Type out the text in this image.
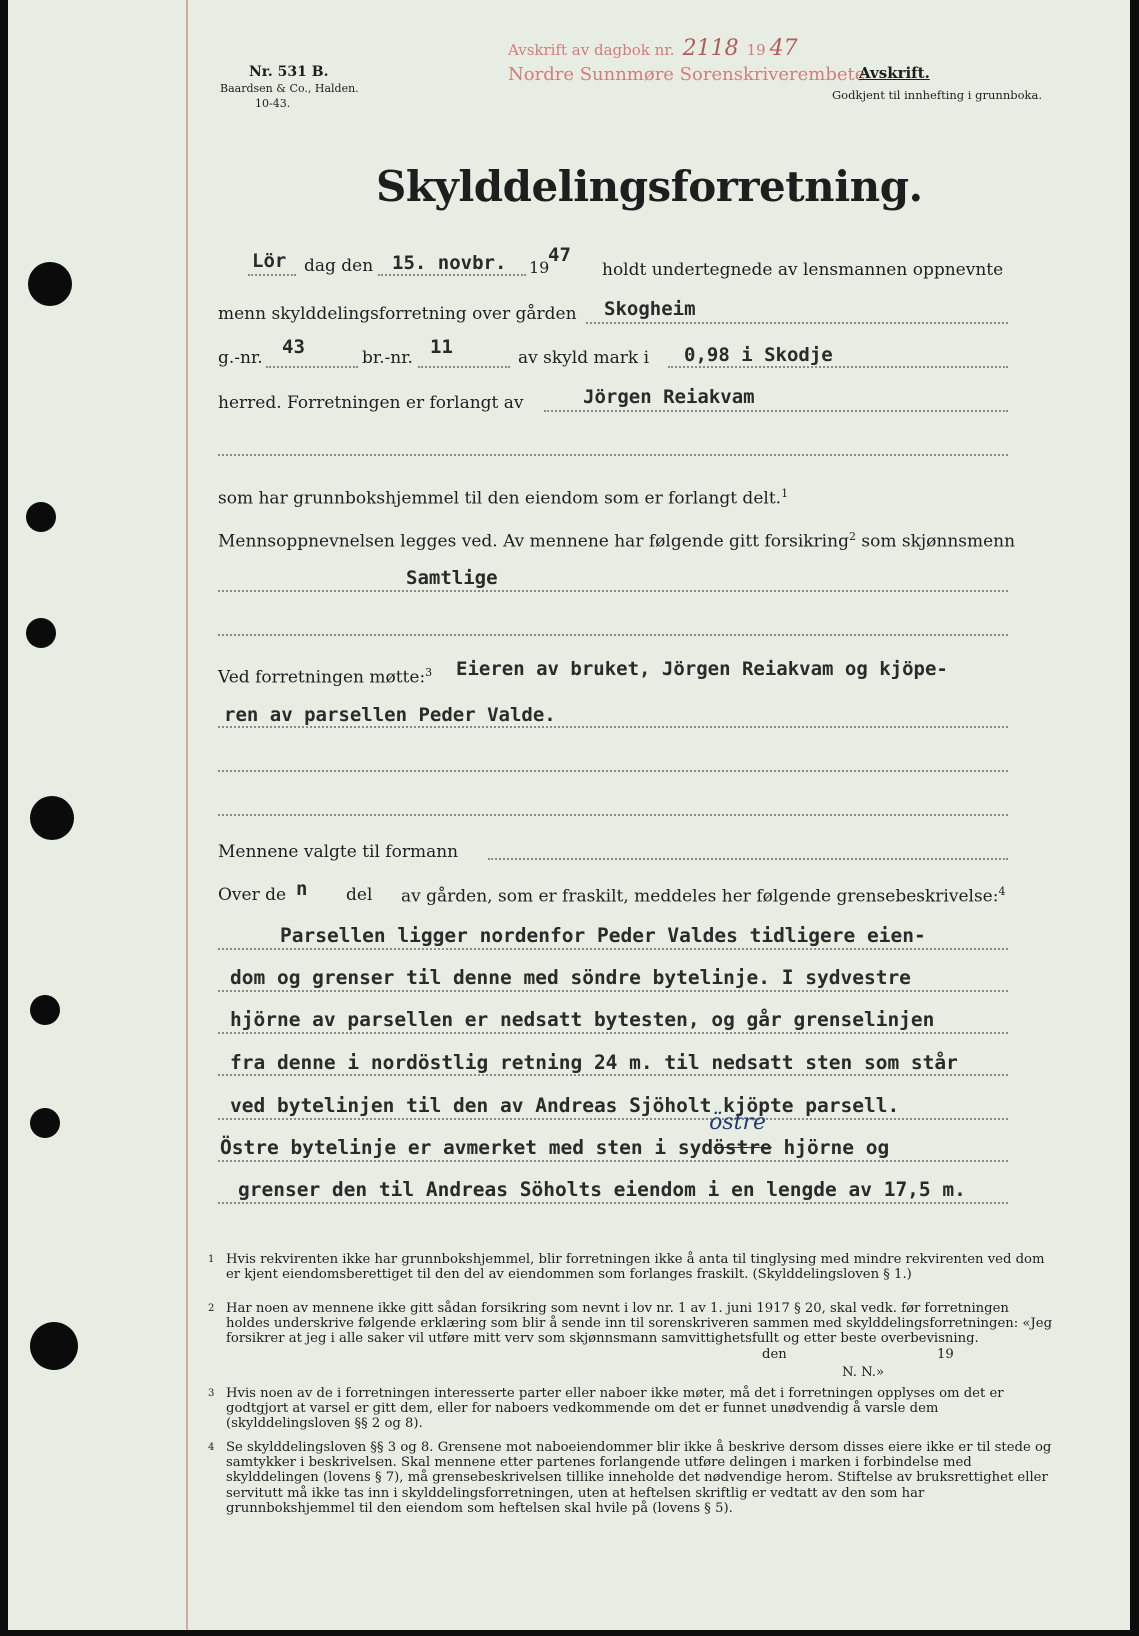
Nr. 531 B.
Baardsen & Co., Halden.
10-43.
Avskrift av dagbok nr. 2118 19 47
Nordre Sunnmøre Sorenskriverembete
Avskrift.
Godkjent til innhefting i grunnboka.
Skylddelingsforretning.
Lör dag den 15. novbr. 19
47
holdt undertegnede av lensmannen oppnevnte
menn skylddelingsforretning over gården Skogheim
g.-nr. 43	br.-nr. 11	av skyld mark i 0,98 i Skodje
herred. Forretningen er forlangt av	Jörgen Reiakvam
som har grunnbokshjemmel til den eiendom som er forlangt delt.$^1$
Mennsoppnevnelsen legges ved. Av mennene har følgende gitt forsikring$^2$ som skjønnsmenn
Samtlige
Ved forretningen møtte:$^3$ Eieren av bruket, Jörgen Reiakvam og kjöpe-
ren av parsellen Peder Valde.
Mennene valgte til formann
Over de n del av gården, som er fraskilt, meddeles her følgende grensebeskrivelse:$^4$
Parsellen ligger nordenfor Peder Valdes tidligere eien-
dom og grenser til denne med söndre bytelinje. I sydvestre
hjörne av parsellen er nedsatt bytesten, og går grenselinjen
fra denne i nordöstlig retning 24 m. til nedsatt sten som står
ved bytelinjen til den av Andreas Sjöholt kjöpte parsell.
Östre bytelinje er avmerket med sten i syd
östre
östre hjörne og
grenser den til Andreas Söholts eiendom i en lengde av 17,5 m.
1 Hvis rekvirenten ikke har grunnbokshjemmel, blir forretningen ikke å anta til tinglysing med mindre rekvirenten ved dom er kjent eiendomsberettiget til den del av eiendommen som forlanges fraskilt. (Skylddelingsloven § 1.)
2 Har noen av mennene ikke gitt sådan forsikring som nevnt i lov nr. 1 av 1. juni 1917 § 20, skal vedk. før forretningen holdes underskrive følgende erklæring som blir å sende inn til sorenskriveren sammen med skylddelingsforretningen: «Jeg forsikrer at jeg i alle saker vil utføre mitt verv som skjønnsmann samvittighetsfullt og etter beste overbevisning.
den	19
N. N.»
3 Hvis noen av de i forretningen interesserte parter eller naboer ikke møter, må det i forretningen opplyses om det er godtgjort at varsel er gitt dem, eller for naboers vedkommende om det er funnet unødvendig å varsle dem (skylddelingsloven §§ 2 og 8).
4 Se skylddelingsloven §§ 3 og 8. Grensene mot naboeiendommer blir ikke å beskrive dersom disses eiere ikke er til stede og samtykker i beskrivelsen. Skal mennene etter partenes forlangende utføre delingen i marken i forbindelse med skylddelingen (lovens § 7), må grensebeskrivelsen tillike inneholde det nødvendige herom. Stiftelse av bruksrettighet eller servitutt må ikke tas inn i skylddelingsforretningen, uten at heftelsen skriftlig er vedtatt av den som har grunnbokshjemmel til den eiendom som heftelsen skal hvile på (lovens § 5).
